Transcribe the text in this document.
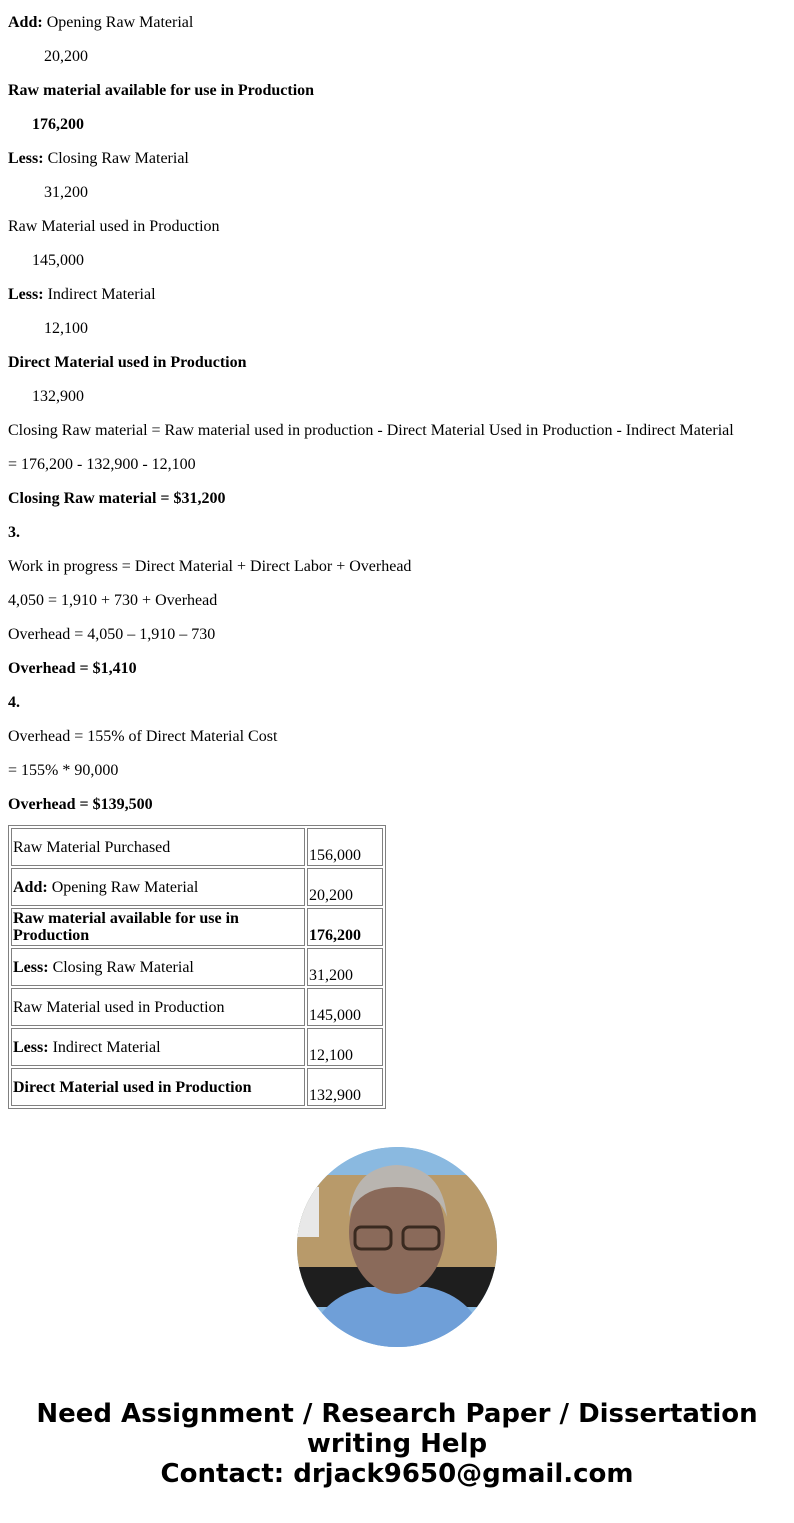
Add: Opening Raw Material

20,200

Raw material available for use in Production

176,200

Less: Closing Raw Material

31,200

Raw Material used in Production

145,000

Less: Indirect Material

12,100

Direct Material used in Production

132,900

Closing Raw material = Raw material used in production - Direct Material Used in Production - Indirect Material

= 176,200 - 132,900 - 12,100

Closing Raw material = $31,200

3.

Work in progress = Direct Material + Direct Labor + Overhead

4,050 = 1,910 + 730 + Overhead

Overhead = 4,050 – 1,910 – 730

Overhead = $1,410

4.

Overhead = 155% of Direct Material Cost

= 155% * 90,000

Overhead = $139,500

Raw Material Purchased	156,000
Add: Opening Raw Material	20,200
Raw material available for use in Production	176,200
Less: Closing Raw Material	31,200
Raw Material used in Production	145,000
Less: Indirect Material	12,100
Direct Material used in Production	132,900
Need Assignment / Research Paper / Dissertation writing Help
Contact: drjack9650@gmail.com
